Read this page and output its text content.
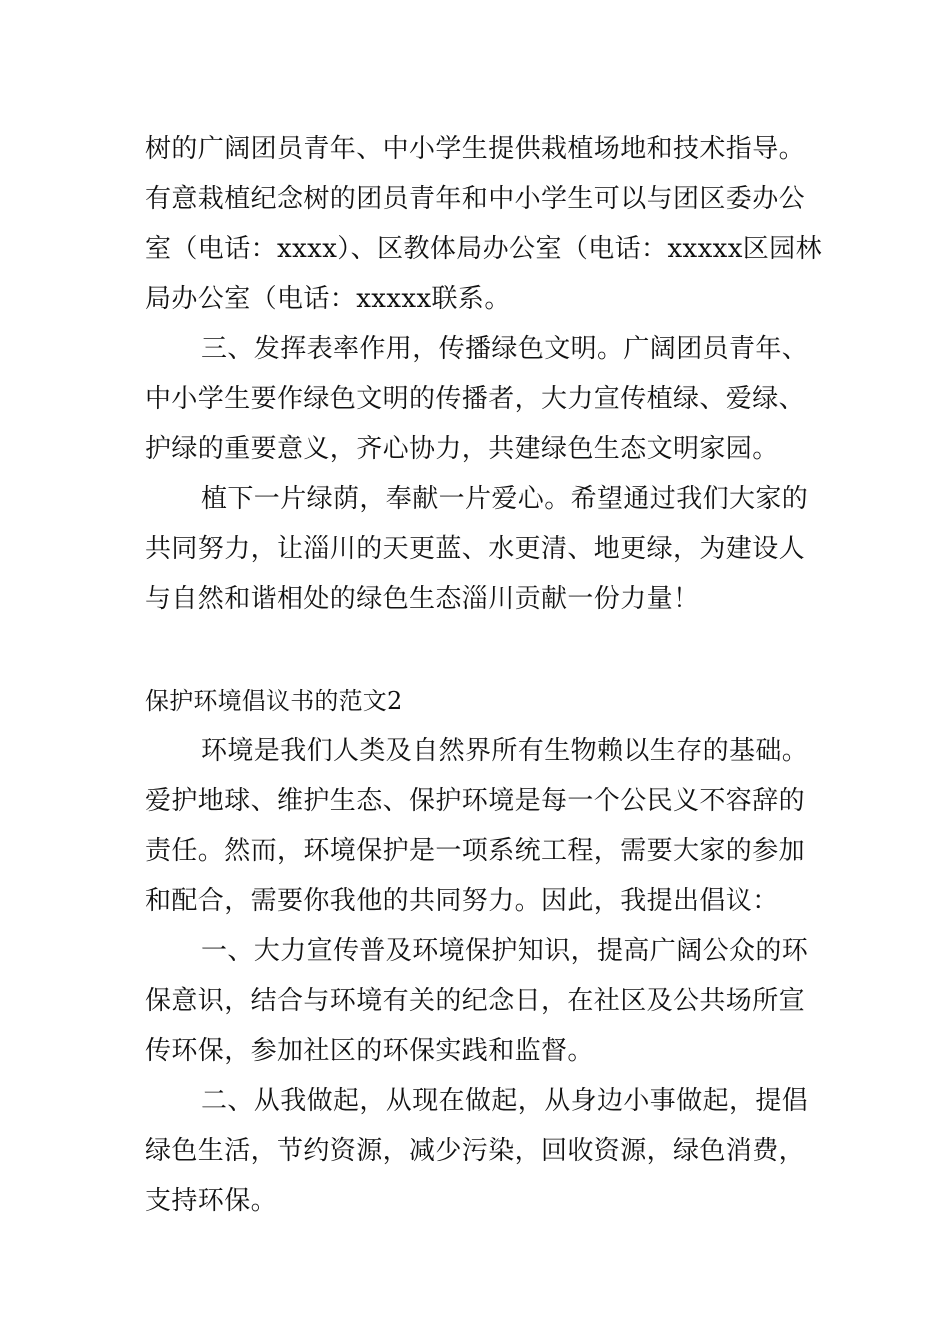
树的广阔团员青年、中小学生提供栽植场地和技术指导。
有意栽植纪念树的团员青年和中小学生可以与团区委办公
室（电话：xxxx）、区教体局办公室（电话：xxxxx区园林
局办公室（电话：xxxxx联系。
三、发挥表率作用，传播绿色文明。广阔团员青年、
中小学生要作绿色文明的传播者，大力宣传植绿、爱绿、
护绿的重要意义，齐心协力，共建绿色生态文明家园。
植下一片绿荫，奉献一片爱心。希望通过我们大家的
共同努力，让淄川的天更蓝、水更清、地更绿，为建设人
与自然和谐相处的绿色生态淄川贡献一份力量！
保护环境倡议书的范文2
环境是我们人类及自然界所有生物赖以生存的基础。
爱护地球、维护生态、保护环境是每一个公民义不容辞的
责任。然而，环境保护是一项系统工程，需要大家的参加
和配合，需要你我他的共同努力。因此，我提出倡议：
一、大力宣传普及环境保护知识，提高广阔公众的环
保意识，结合与环境有关的纪念日，在社区及公共场所宣
传环保，参加社区的环保实践和监督。
二、从我做起，从现在做起，从身边小事做起，提倡
绿色生活，节约资源，减少污染，回收资源，绿色消费，
支持环保。
